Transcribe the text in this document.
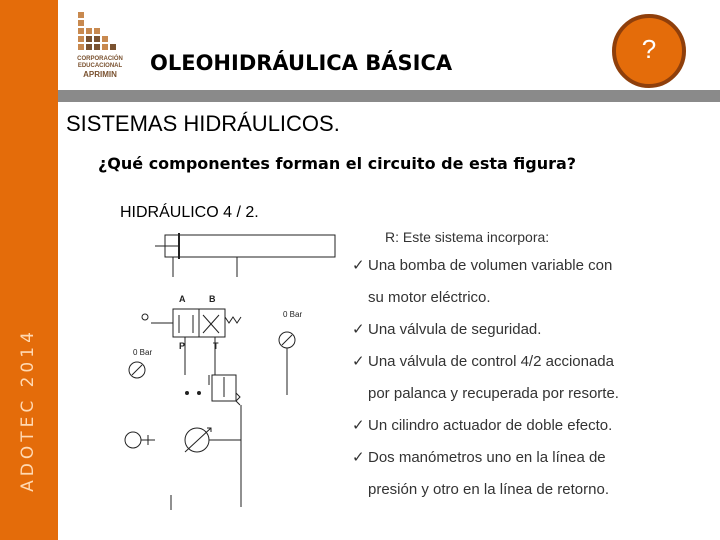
ADOTEC 2014
CORPORACIÓN
EDUCACIONAL
APRIMIN	OLEOHIDRÁULICA BÁSICA	?
SISTEMAS HIDRÁULICOS.
¿Qué componentes forman el circuito de esta figura?
HIDRÁULICO 4 / 2.
R: Este sistema incorpora:
✓ Una bomba de volumen variable con
su motor eléctrico.
✓ Una válvula de seguridad.
✓ Una válvula de control 4/2 accionada
por palanca y recuperada por resorte.
✓ Un cilindro actuador de doble efecto.
✓ Dos manómetros uno en la línea de
presión y otro en la línea de retorno.
A	B
P	T
0 Bar
0 Bar
